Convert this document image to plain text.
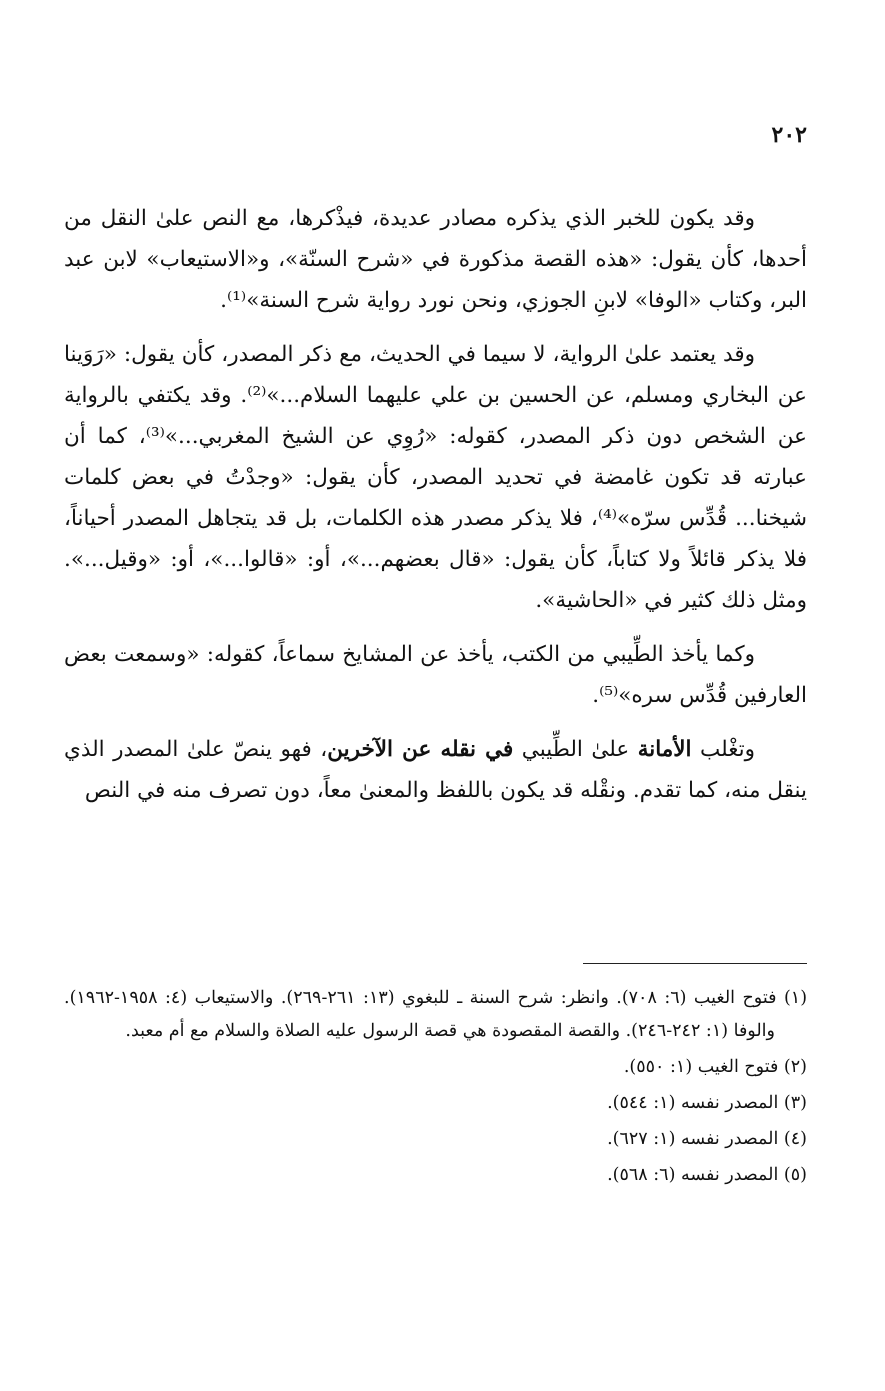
٢٠٢

وقد يكون للخبر الذي يذكره مصادر عديدة، فيذْكرها، مع النص علىٰ النقل من أحدها، كأن يقول: «هذه القصة مذكورة في «شرح السنّة»، و«الاستيعاب» لابن عبد البر، وكتاب «الوفا» لابنِ الجوزي، ونحن نورد رواية شرح السنة»⁽¹⁾.

وقد يعتمد علىٰ الرواية، لا سيما في الحديث، مع ذكر المصدر، كأن يقول: «رَوَينا عن البخاري ومسلم، عن الحسين بن علي عليهما السلام...»⁽²⁾. وقد يكتفي بالرواية عن الشخص دون ذكر المصدر، كقوله: «رُوِي عن الشيخ المغربي...»⁽³⁾، كما أن عبارته قد تكون غامضة في تحديد المصدر، كأن يقول: «وجدْتُ في بعض كلمات شيخنا... قُدِّس سرّه»⁽⁴⁾، فلا يذكر مصدر هذه الكلمات، بل قد يتجاهل المصدر أحياناً، فلا يذكر قائلاً ولا كتاباً، كأن يقول: «قال بعضهم...»، أو: «قالوا...»، أو: «وقيل...». ومثل ذلك كثير في «الحاشية».

وكما يأخذ الطِّيبي من الكتب، يأخذ عن المشايخ سماعاً، كقوله: «وسمعت بعض العارفين قُدِّس سره»⁽⁵⁾.

وتغْلب الأمانة علىٰ الطِّيبي في نقله عن الآخرين، فهو ينصّ علىٰ المصدر الذي ينقل منه، كما تقدم. ونقْله قد يكون باللفظ والمعنىٰ معاً، دون تصرف منه في النص

(١) فتوح الغيب (٦: ٧٠٨). وانظر: شرح السنة ـ للبغوي (١٣: ٢٦١-٢٦٩). والاستيعاب (٤: ١٩٥٨-١٩٦٢). والوفا (١: ٢٤٢-٢٤٦). والقصة المقصودة هي قصة الرسول عليه الصلاة والسلام مع أم معبد.
(٢) فتوح الغيب (١: ٥٥٠).
(٣) المصدر نفسه (١: ٥٤٤).
(٤) المصدر نفسه (١: ٦٢٧).
(٥) المصدر نفسه (٦: ٥٦٨).
